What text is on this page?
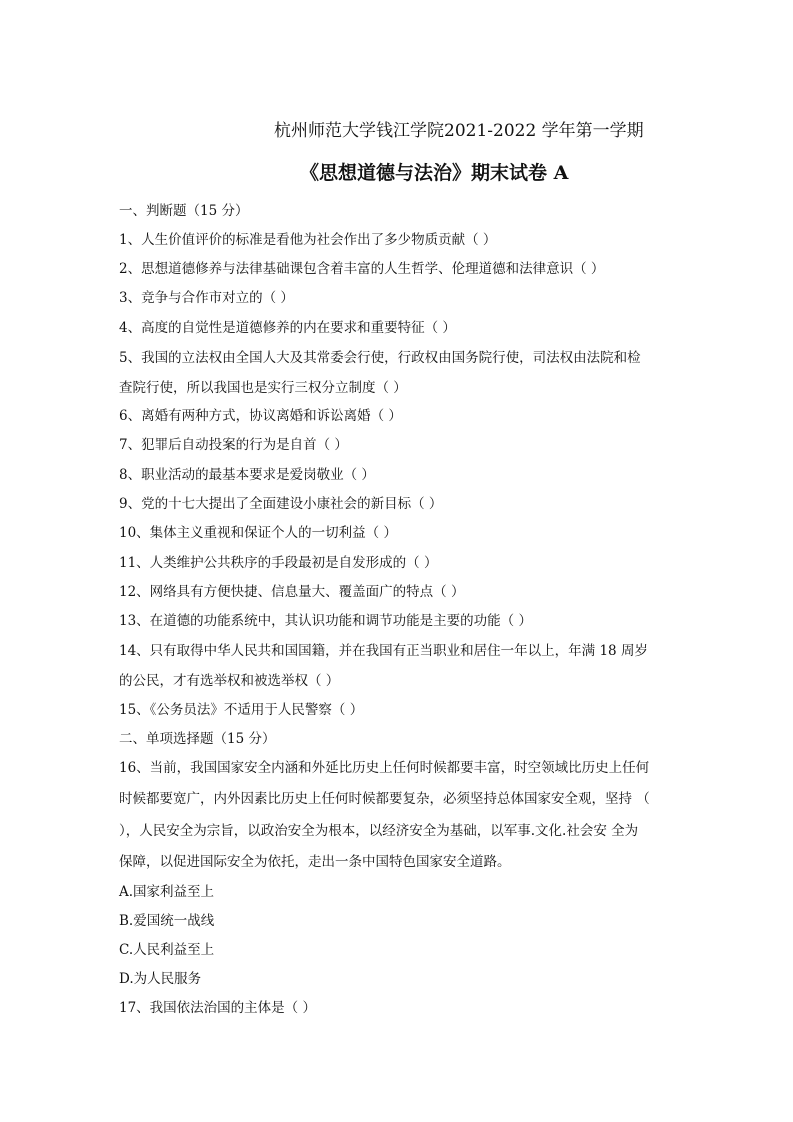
杭州师范大学钱江学院2021-2022 学年第一学期
《思想道德与法治》期末试卷 A
一、判断题（15 分）
1、人生价值评价的标准是看他为社会作出了多少物质贡献（ ）
2、思想道德修养与法律基础课包含着丰富的人生哲学、伦理道德和法律意识（ ）
3、竞争与合作市对立的（ ）
4、高度的自觉性是道德修养的内在要求和重要特征（ ）
5、我国的立法权由全国人大及其常委会行使，行政权由国务院行使，司法权由法院和检
查院行使，所以我国也是实行三权分立制度（ ）
6、离婚有两种方式，协议离婚和诉讼离婚（ ）
7、犯罪后自动投案的行为是自首（ ）
8、职业活动的最基本要求是爱岗敬业（ ）
9、党的十七大提出了全面建设小康社会的新目标（ ）
10、集体主义重视和保证个人的一切利益（ ）
11、人类维护公共秩序的手段最初是自发形成的（ ）
12、网络具有方便快捷、信息量大、覆盖面广的特点（ ）
13、在道德的功能系统中，其认识功能和调节功能是主要的功能（ ）
14、只有取得中华人民共和国国籍，并在我国有正当职业和居住一年以上，年满 18 周岁
的公民，才有选举权和被选举权（ ）
15、《公务员法》不适用于人民警察（ ）
二、单项选择题（15 分）
16、当前，我国国家安全内涵和外延比历史上任何时候都要丰富，时空领域比历史上任何
时候都要宽广，内外因素比历史上任何时候都要复杂，必须坚持总体国家安全观，坚持 （
），人民安全为宗旨，以政治安全为根本，以经济安全为基础，以军事.文化.社会安 全为
保障，以促进国际安全为依托，走出一条中国特色国家安全道路。
A.国家利益至上
B.爱国统一战线
C.人民利益至上
D.为人民服务
17、我国依法治国的主体是（ ）
